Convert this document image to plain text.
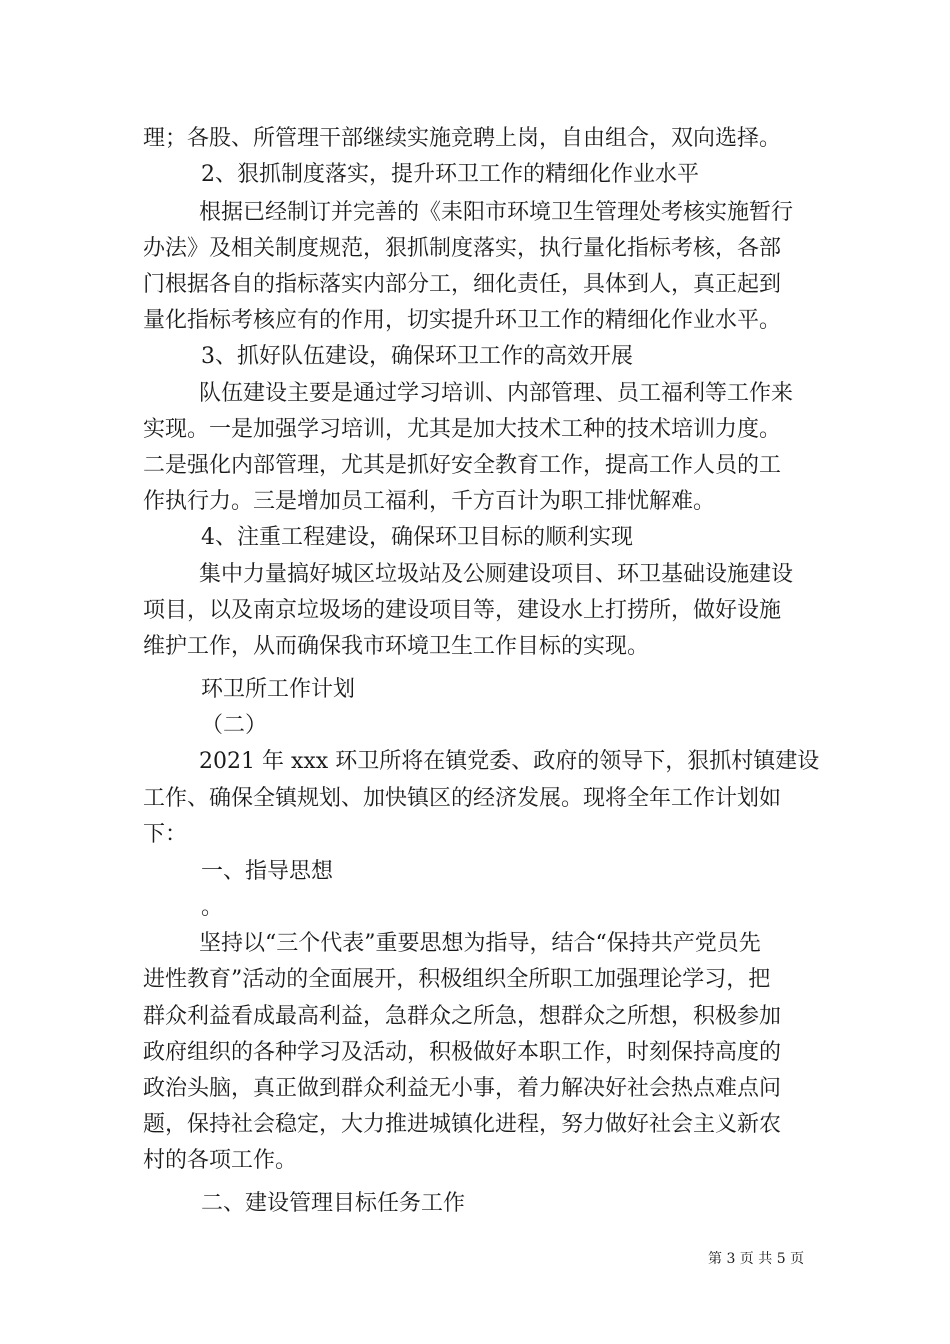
理；各股、所管理干部继续实施竞聘上岗，自由组合，双向选择。
2、狠抓制度落实，提升环卫工作的精细化作业水平
根据已经制订并完善的《耒阳市环境卫生管理处考核实施暂行
办法》及相关制度规范，狠抓制度落实，执行量化指标考核，各部
门根据各自的指标落实内部分工，细化责任，具体到人，真正起到
量化指标考核应有的作用，切实提升环卫工作的精细化作业水平。
3、抓好队伍建设，确保环卫工作的高效开展
队伍建设主要是通过学习培训、内部管理、员工福利等工作来
实现。一是加强学习培训，尤其是加大技术工种的技术培训力度。
二是强化内部管理，尤其是抓好安全教育工作，提高工作人员的工
作执行力。三是增加员工福利，千方百计为职工排忧解难。
4、注重工程建设，确保环卫目标的顺利实现
集中力量搞好城区垃圾站及公厕建设项目、环卫基础设施建设
项目，以及南京垃圾场的建设项目等，建设水上打捞所，做好设施
维护工作，从而确保我市环境卫生工作目标的实现。
环卫所工作计划
（二）
2021 年 xxx 环卫所将在镇党委、政府的领导下，狠抓村镇建设
工作、确保全镇规划、加快镇区的经济发展。现将全年工作计划如
下：
一、指导思想
。
坚持以“三个代表”重要思想为指导，结合“保持共产党员先
进性教育”活动的全面展开，积极组织全所职工加强理论学习，把
群众利益看成最高利益，急群众之所急，想群众之所想，积极参加
政府组织的各种学习及活动，积极做好本职工作，时刻保持高度的
政治头脑，真正做到群众利益无小事，着力解决好社会热点难点问
题，保持社会稳定，大力推进城镇化进程，努力做好社会主义新农
村的各项工作。
二、建设管理目标任务工作
第 3 页 共 5 页
